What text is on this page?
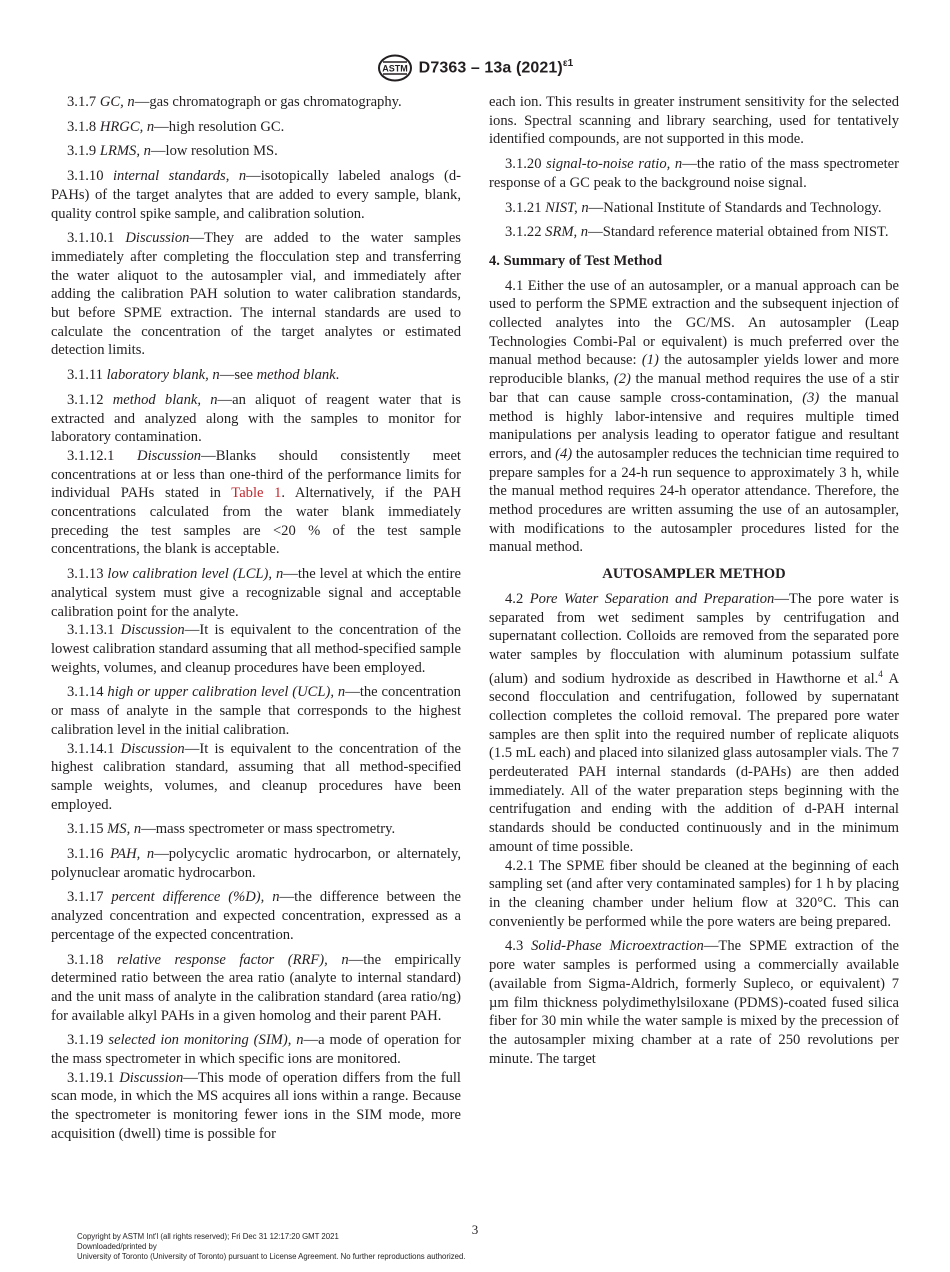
ASTM D7363 – 13a $(2021)^{\varepsilon 1}$

3.1.7 GC, n—gas chromatograph or gas chromatography.

3.1.8 HRGC, n—high resolution GC.

3.1.9 LRMS, n—low resolution MS.

3.1.10 internal standards, n—isotopically labeled analogs (d-PAHs) of the target analytes that are added to every sample, blank, quality control spike sample, and calibration solution.

3.1.10.1 Discussion—They are added to the water samples immediately after completing the flocculation step and transferring the water aliquot to the autosampler vial, and immediately after adding the calibration PAH solution to water calibration standards, but before SPME extraction. The internal standards are used to calculate the concentration of the target analytes or estimated detection limits.

3.1.11 laboratory blank, n—see method blank.

3.1.12 method blank, n—an aliquot of reagent water that is extracted and analyzed along with the samples to monitor for laboratory contamination.

3.1.12.1 Discussion—Blanks should consistently meet concentrations at or less than one-third of the performance limits for individual PAHs stated in Table 1. Alternatively, if the PAH concentrations calculated from the water blank immediately preceding the test samples are <20 % of the test sample concentrations, the blank is acceptable.

3.1.13 low calibration level (LCL), n—the level at which the entire analytical system must give a recognizable signal and acceptable calibration point for the analyte.

3.1.13.1 Discussion—It is equivalent to the concentration of the lowest calibration standard assuming that all method-specified sample weights, volumes, and cleanup procedures have been employed.

3.1.14 high or upper calibration level (UCL), n—the concentration or mass of analyte in the sample that corresponds to the highest calibration level in the initial calibration.

3.1.14.1 Discussion—It is equivalent to the concentration of the highest calibration standard, assuming that all method-specified sample weights, volumes, and cleanup procedures have been employed.

3.1.15 MS, n—mass spectrometer or mass spectrometry.

3.1.16 PAH, n—polycyclic aromatic hydrocarbon, or alternately, polynuclear aromatic hydrocarbon.

3.1.17 percent difference (%D), n—the difference between the analyzed concentration and expected concentration, expressed as a percentage of the expected concentration.

3.1.18 relative response factor (RRF), n—the empirically determined ratio between the area ratio (analyte to internal standard) and the unit mass of analyte in the calibration standard (area ratio/ng) for available alkyl PAHs in a given homolog and their parent PAH.

3.1.19 selected ion monitoring (SIM), n—a mode of operation for the mass spectrometer in which specific ions are monitored.

3.1.19.1 Discussion—This mode of operation differs from the full scan mode, in which the MS acquires all ions within a range. Because the spectrometer is monitoring fewer ions in the SIM mode, more acquisition (dwell) time is possible for

each ion. This results in greater instrument sensitivity for the selected ions. Spectral scanning and library searching, used for tentatively identified compounds, are not supported in this mode.

3.1.20 signal-to-noise ratio, n—the ratio of the mass spectrometer response of a GC peak to the background noise signal.

3.1.21 NIST, n—National Institute of Standards and Technology.

3.1.22 SRM, n—Standard reference material obtained from NIST.

4. Summary of Test Method

4.1 Either the use of an autosampler, or a manual approach can be used to perform the SPME extraction and the subsequent injection of collected analytes into the GC/MS. An autosampler (Leap Technologies Combi-Pal or equivalent) is much preferred over the manual method because: (1) the autosampler yields lower and more reproducible blanks, (2) the manual method requires the use of a stir bar that can cause sample cross-contamination, (3) the manual method is highly labor-intensive and requires multiple timed manipulations per analysis leading to operator fatigue and resultant errors, and (4) the autosampler reduces the technician time required to prepare samples for a 24-h run sequence to approximately 3 h, while the manual method requires 24-h operator attendance. Therefore, the method procedures are written assuming the use of an autosampler, with modifications to the autosampler procedures listed for the manual method.

AUTOSAMPLER METHOD

4.2 Pore Water Separation and Preparation—The pore water is separated from wet sediment samples by centrifugation and supernatant collection. Colloids are removed from the separated pore water samples by flocculation with aluminum potassium sulfate (alum) and sodium hydroxide as described in Hawthorne et al.$^4$ A second flocculation and centrifugation, followed by supernatant collection completes the colloid removal. The prepared pore water samples are then split into the required number of replicate aliquots (1.5 mL each) and placed into silanized glass autosampler vials. The 7 perdeuterated PAH internal standards (d-PAHs) are then added immediately. All of the water preparation steps beginning with the centrifugation and ending with the addition of d-PAH internal standards should be conducted continuously and in the minimum amount of time possible.

4.2.1 The SPME fiber should be cleaned at the beginning of each sampling set (and after very contaminated samples) for 1 h by placing in the cleaning chamber under helium flow at 320°C. This can conveniently be performed while the pore waters are being prepared.

4.3 Solid-Phase Microextraction—The SPME extraction of the pore water samples is performed using a commercially available (available from Sigma-Aldrich, formerly Supleco, or equivalent) 7 µm film thickness polydimethylsiloxane (PDMS)-coated fused silica fiber for 30 min while the water sample is mixed by the precession of the autosampler mixing chamber at a rate of 250 revolutions per minute. The target

3
Copyright by ASTM Int'l (all rights reserved); Fri Dec 31 12:17:20 GMT 2021
Downloaded/printed by
University of Toronto (University of Toronto) pursuant to License Agreement. No further reproductions authorized.
